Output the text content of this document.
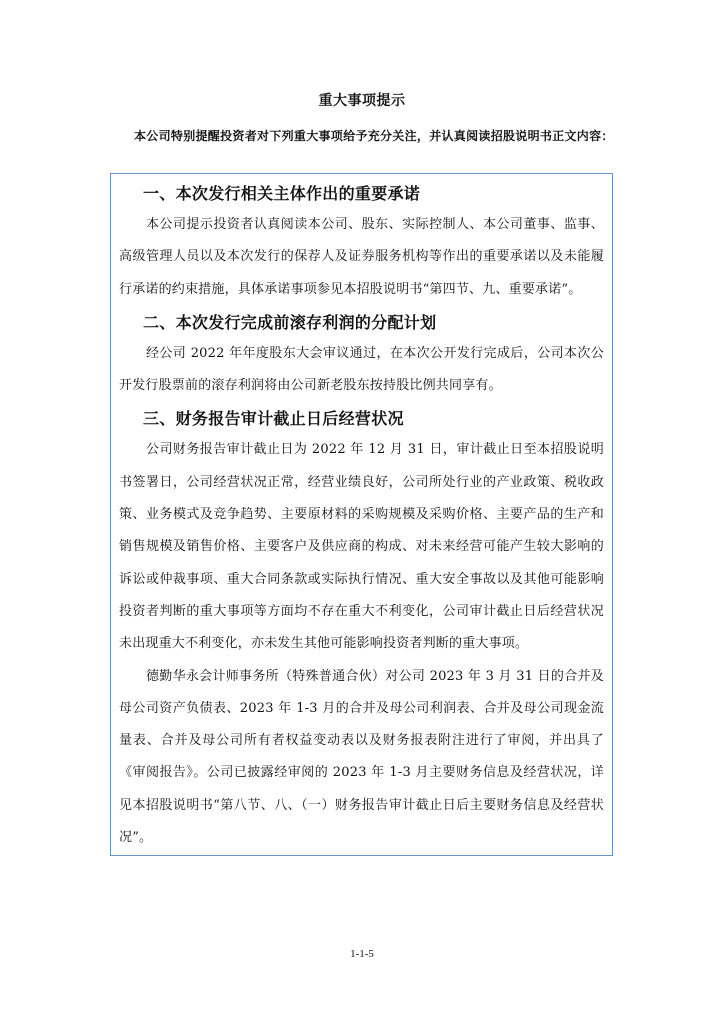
重大事项提示
本公司特别提醒投资者对下列重大事项给予充分关注，并认真阅读招股说明书正文内容：
一、本次发行相关主体作出的重要承诺

本公司提示投资者认真阅读本公司、股东、实际控制人、本公司董事、监事、高级管理人员以及本次发行的保荐人及证券服务机构等作出的重要承诺以及未能履行承诺的约束措施，具体承诺事项参见本招股说明书“第四节、九、重要承诺”。

二、本次发行完成前滚存利润的分配计划

经公司 2022 年年度股东大会审议通过，在本次公开发行完成后，公司本次公开发行股票前的滚存利润将由公司新老股东按持股比例共同享有。

三、财务报告审计截止日后经营状况

公司财务报告审计截止日为 2022 年 12 月 31 日，审计截止日至本招股说明书签署日，公司经营状况正常，经营业绩良好，公司所处行业的产业政策、税收政策、业务模式及竞争趋势、主要原材料的采购规模及采购价格、主要产品的生产和销售规模及销售价格、主要客户及供应商的构成、对未来经营可能产生较大影响的诉讼或仲裁事项、重大合同条款或实际执行情况、重大安全事故以及其他可能影响投资者判断的重大事项等方面均不存在重大不利变化，公司审计截止日后经营状况未出现重大不利变化，亦未发生其他可能影响投资者判断的重大事项。

德勤华永会计师事务所（特殊普通合伙）对公司 2023 年 3 月 31 日的合并及母公司资产负债表、2023 年 1-3 月的合并及母公司利润表、合并及母公司现金流量表、合并及母公司所有者权益变动表以及财务报表附注进行了审阅，并出具了《审阅报告》。公司已披露经审阅的 2023 年 1-3 月主要财务信息及经营状况，详见本招股说明书“第八节、八、（一）财务报告审计截止日后主要财务信息及经营状况”。

1-1-5
